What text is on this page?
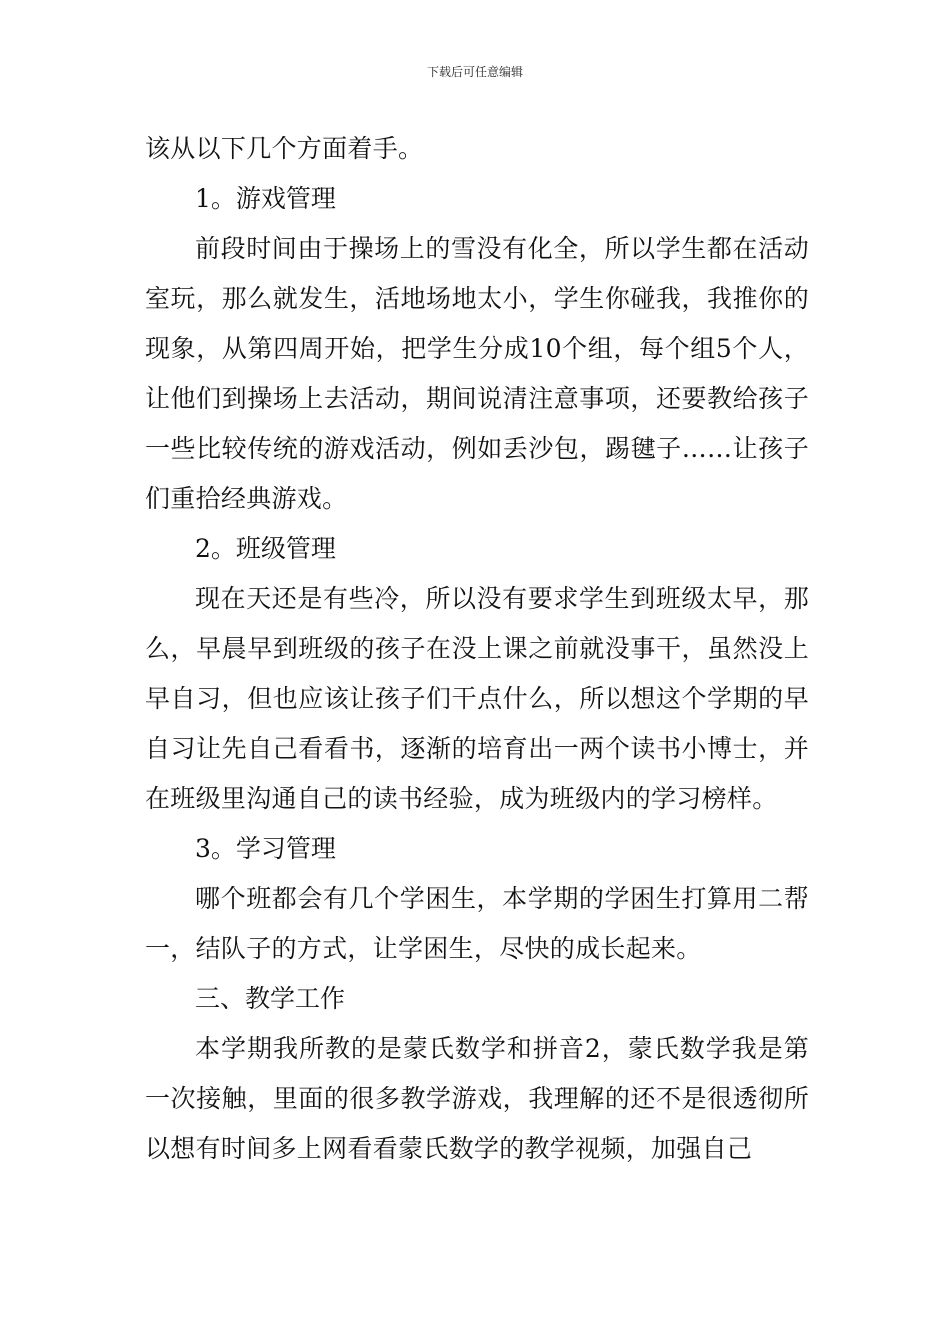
下载后可任意编辑

该从以下几个方面着手。

1。游戏管理

前段时间由于操场上的雪没有化全，所以学生都在活动室玩，那么就发生，活地场地太小，学生你碰我，我推你的现象，从第四周开始，把学生分成10个组，每个组5个人，让他们到操场上去活动，期间说清注意事项，还要教给孩子一些比较传统的游戏活动，例如丢沙包，踢毽子……让孩子们重拾经典游戏。

2。班级管理

现在天还是有些冷，所以没有要求学生到班级太早，那么，早晨早到班级的孩子在没上课之前就没事干，虽然没上早自习，但也应该让孩子们干点什么，所以想这个学期的早自习让先自己看看书，逐渐的培育出一两个读书小博士，并在班级里沟通自己的读书经验，成为班级内的学习榜样。

3。学习管理

哪个班都会有几个学困生，本学期的学困生打算用二帮一，结队子的方式，让学困生，尽快的成长起来。

三、教学工作

本学期我所教的是蒙氏数学和拼音2，蒙氏数学我是第一次接触，里面的很多教学游戏，我理解的还不是很透彻所以想有时间多上网看看蒙氏数学的教学视频，加强自己
